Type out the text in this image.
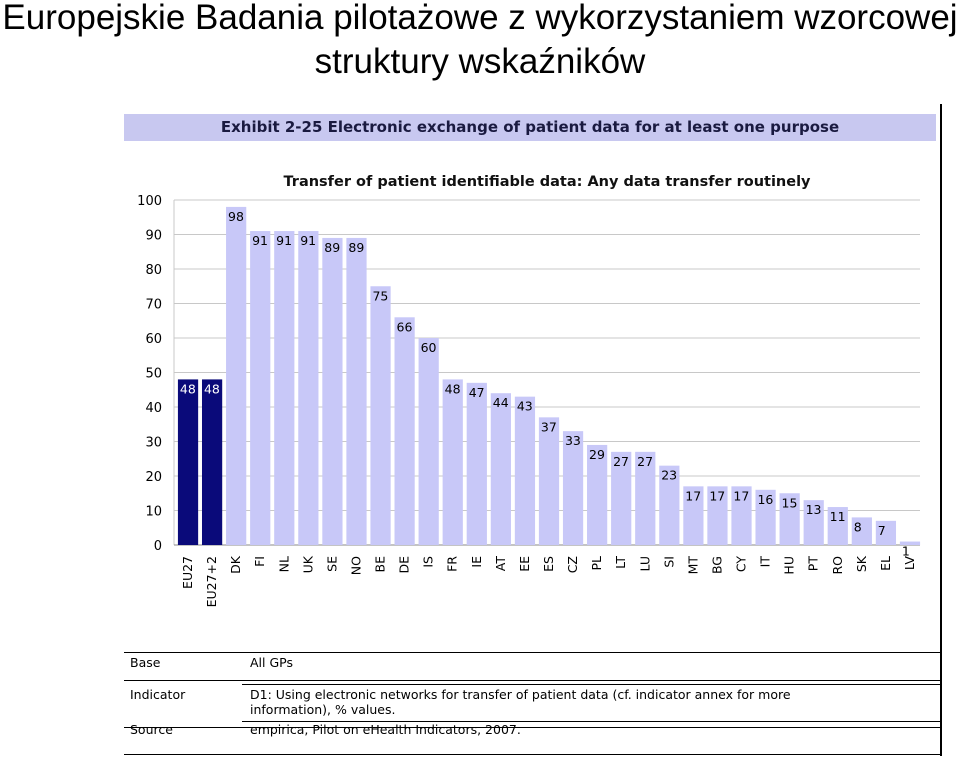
Europejskie Badania pilotażowe z wykorzystaniem wzorcowej struktury wskaźników
Exhibit 2-25 Electronic exchange of patient data for at least one purpose
Transfer of patient identifiable data: Any data transfer routinely
0
10
20
30
40
50
60
70
80
90
100
48
EU27
48
EU27+2
98
DK
91
FI
91
NL
91
UK
89
SE
89
NO
75
BE
66
DE
60
IS
48
FR
47
IE
44
AT
43
EE
37
ES
33
CZ
29
PL
27
LT
27
LU
23
SI
17
MT
17
BG
17
CY
16
IT
15
HU
13
PT
11
RO
8
SK
7
EL
1
LV
Base	All GPs
Indicator	D1: Using electronic networks for transfer of patient data (cf. indicator annex for more information), % values.
Source	empirica, Pilot on eHealth Indicators, 2007.
